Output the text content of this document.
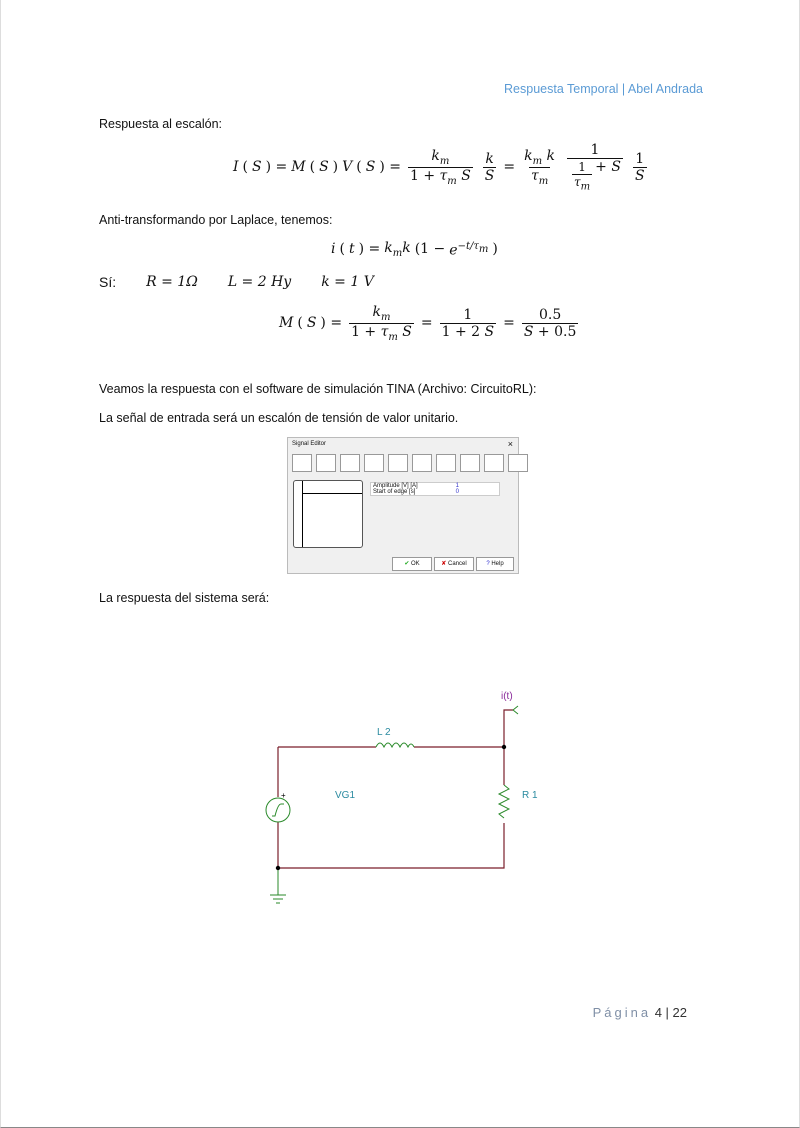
Respuesta Temporal | Abel Andrada
Respuesta al escalón:
I ( S ) = M ( S ) V ( S ) = $\frac{k_m}{1 + \tau_m S} \frac{k}{S} = \frac{k_m k}{\tau_m} \frac{1}{\frac{1}{\tau_m} + S} \frac{1}{S}$
Anti-transformando por Laplace, tenemos:
i ( t ) = $k_mk$ ($1 - e^{-t/\tau_m}$ )
Sí: R = 1Ω L = 2 Hy k = 1 V
M ( S ) = $\frac{k_m}{1 + \tau_m S} = \frac{1}{1 + 2 S} = \frac{0.5}{S + 0.5}$
Veamos la respuesta con el software de simulación TINA (Archivo: CircuitoRL):
La señal de entrada será un escalón de tensión de valor unitario.
Signal Editor	×
Amplitude [V] [A]	1
Start of edge [s]	0
✔ OK	✘ Cancel	? Help
La respuesta del sistema será:
i(t)
L 2
VG1	R 1
+
Página 4 | 22
